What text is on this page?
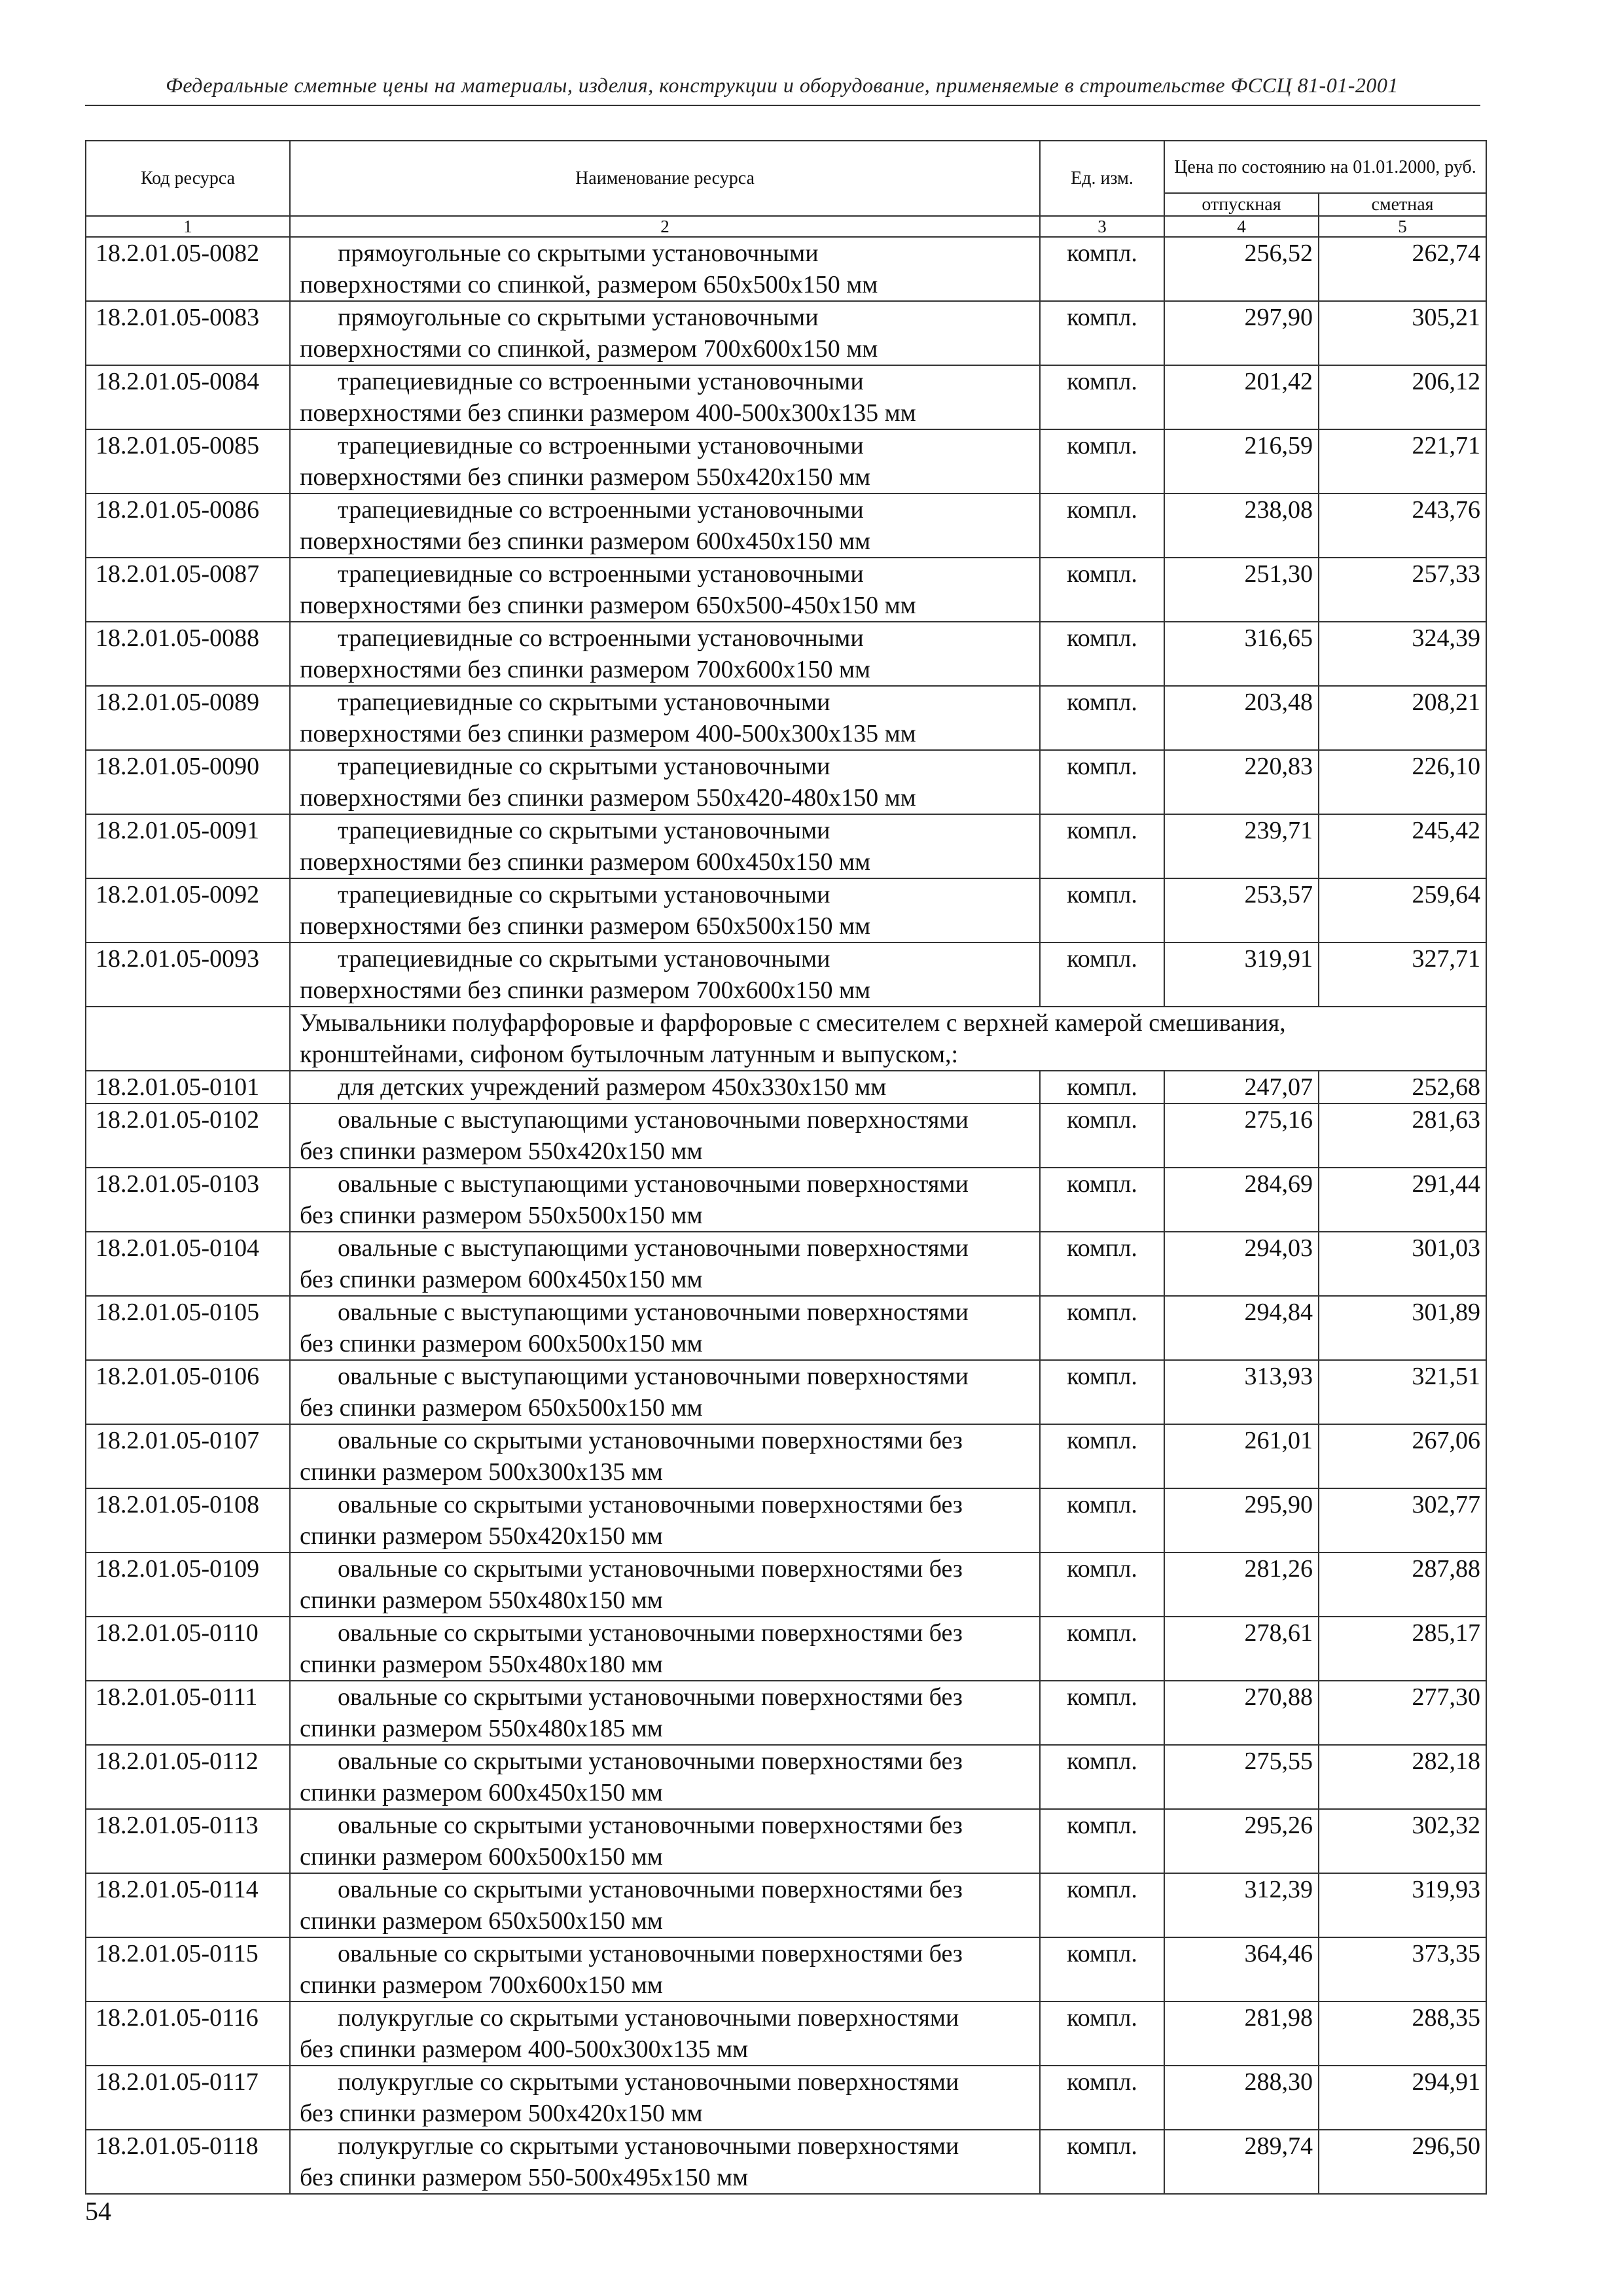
Федеральные сметные цены на материалы, изделия, конструкции и оборудование, применяемые в строительстве ФССЦ 81-01-2001
Код ресурса	Наименование ресурса	Ед. изм.	Цена по состоянию на 01.01.2000, руб.	
			отпускная	сметная
1	2	3	4	5
18.2.01.05-0082	прямоугольные со скрытыми установочными
поверхностями со спинкой, размером 650х500х150 мм	компл.	256,52	262,74
18.2.01.05-0083	прямоугольные со скрытыми установочными
поверхностями со спинкой, размером 700х600х150 мм	компл.	297,90	305,21
18.2.01.05-0084	трапециевидные со встроенными установочными
поверхностями без спинки размером 400-500х300х135 мм	компл.	201,42	206,12
18.2.01.05-0085	трапециевидные со встроенными установочными
поверхностями без спинки размером 550х420х150 мм	компл.	216,59	221,71
18.2.01.05-0086	трапециевидные со встроенными установочными
поверхностями без спинки размером 600х450х150 мм	компл.	238,08	243,76
18.2.01.05-0087	трапециевидные со встроенными установочными
поверхностями без спинки размером 650х500-450х150 мм	компл.	251,30	257,33
18.2.01.05-0088	трапециевидные со встроенными установочными
поверхностями без спинки размером 700х600х150 мм	компл.	316,65	324,39
18.2.01.05-0089	трапециевидные со скрытыми установочными
поверхностями без спинки размером 400-500х300х135 мм	компл.	203,48	208,21
18.2.01.05-0090	трапециевидные со скрытыми установочными
поверхностями без спинки размером 550х420-480х150 мм	компл.	220,83	226,10
18.2.01.05-0091	трапециевидные со скрытыми установочными
поверхностями без спинки размером 600х450х150 мм	компл.	239,71	245,42
18.2.01.05-0092	трапециевидные со скрытыми установочными
поверхностями без спинки размером 650х500х150 мм	компл.	253,57	259,64
18.2.01.05-0093	трапециевидные со скрытыми установочными
поверхностями без спинки размером 700х600х150 мм	компл.	319,91	327,71

	Умывальники полуфарфоровые и фарфоровые с смесителем с верхней камерой смешивания,
кронштейнами, сифоном бутылочным латунным и выпуском,:			

18.2.01.05-0101	для детских учреждений размером 450х330х150 мм	компл.	247,07	252,68
18.2.01.05-0102	овальные с выступающими установочными поверхностями
без спинки размером 550х420х150 мм	компл.	275,16	281,63
18.2.01.05-0103	овальные с выступающими установочными поверхностями
без спинки размером 550х500х150 мм	компл.	284,69	291,44
18.2.01.05-0104	овальные с выступающими установочными поверхностями
без спинки размером 600х450х150 мм	компл.	294,03	301,03
18.2.01.05-0105	овальные с выступающими установочными поверхностями
без спинки размером 600х500х150 мм	компл.	294,84	301,89
18.2.01.05-0106	овальные с выступающими установочными поверхностями
без спинки размером 650х500х150 мм	компл.	313,93	321,51
18.2.01.05-0107	овальные со скрытыми установочными поверхностями без
спинки размером 500х300х135 мм	компл.	261,01	267,06
18.2.01.05-0108	овальные со скрытыми установочными поверхностями без
спинки размером 550х420х150 мм	компл.	295,90	302,77
18.2.01.05-0109	овальные со скрытыми установочными поверхностями без
спинки размером 550х480х150 мм	компл.	281,26	287,88
18.2.01.05-0110	овальные со скрытыми установочными поверхностями без
спинки размером 550х480х180 мм	компл.	278,61	285,17
18.2.01.05-0111	овальные со скрытыми установочными поверхностями без
спинки размером 550х480х185 мм	компл.	270,88	277,30
18.2.01.05-0112	овальные со скрытыми установочными поверхностями без
спинки размером 600х450х150 мм	компл.	275,55	282,18
18.2.01.05-0113	овальные со скрытыми установочными поверхностями без
спинки размером 600х500х150 мм	компл.	295,26	302,32
18.2.01.05-0114	овальные со скрытыми установочными поверхностями без
спинки размером 650х500х150 мм	компл.	312,39	319,93
18.2.01.05-0115	овальные со скрытыми установочными поверхностями без
спинки размером 700х600х150 мм	компл.	364,46	373,35
18.2.01.05-0116	полукруглые со скрытыми установочными поверхностями
без спинки размером 400-500х300х135 мм	компл.	281,98	288,35
18.2.01.05-0117	полукруглые со скрытыми установочными поверхностями
без спинки размером 500х420х150 мм	компл.	288,30	294,91
18.2.01.05-0118	полукруглые со скрытыми установочными поверхностями
без спинки размером 550-500х495х150 мм	компл.	289,74	296,50
54
